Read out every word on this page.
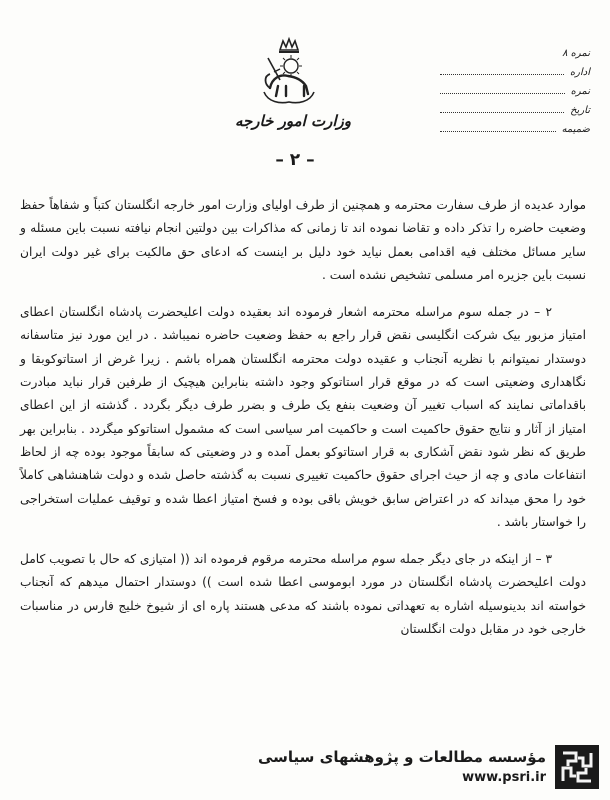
وزارت امور خارجه
نمره ۸
اداره
نمره
تاریخ
ضمیمه
– ۲ –

موارد عدیده از طرف سفارت محترمه و همچنین از طرف اولیای وزارت امور خارجه انگلستان کتباً و شفاهاً حفظ وضعیت حاضره را تذکر داده و تقاضا نموده اند تا زمانی که مذاکرات بین دولتین انجام نیافته نسبت باین مسئله و سایر مسائل مختلف فیه اقدامی بعمل نیاید خود دلیل بر اینست که ادعای حق مالکیت برای غیر دولت ایران نسبت باین جزیره امر مسلمی تشخیص نشده است .

۲ – در جمله سوم مراسله محترمه اشعار فرموده اند بعقیده دولت اعلیحضرت پادشاه انگلستان اعطای امتیاز مزبور بیک شرکت انگلیسی نقض قرار راجع به حفظ وضعیت حاضره نمیباشد . در این مورد نیز متاسفانه دوستدار نمیتوانم با نظریه آنجناب و عقیده دولت محترمه انگلستان همراه باشم . زیرا غرض از استاتوکوبقا و نگاهداری وضعیتی است که در موقع قرار استاتوکو وجود داشته بنابراین هیچیک از طرفین قرار نباید مبادرت باقداماتی نمایند که اسباب تغییر آن وضعیت بنفع یک طرف و بضرر طرف دیگر بگردد . گذشته از این اعطای امتیاز از آثار و نتایج حقوق حاکمیت است و حاکمیت امر سیاسی است که مشمول استاتوکو میگردد . بنابراین بهر طریق که نظر شود نقض آشکاری به قرار استاتوکو بعمل آمده و در وضعیتی که سابقاً موجود بوده چه از لحاظ انتفاعات مادی و چه از حیث اجرای حقوق حاکمیت تغییری نسبت به گذشته حاصل شده و دولت شاهنشاهی کاملاً خود را محق میداند که در اعتراض سابق خویش باقی بوده و فسخ امتیاز اعطا شده و توقیف عملیات استخراجی را خواستار باشد .

۳ – از اینکه در جای دیگر جمله سوم مراسله محترمه مرقوم فرموده اند (( امتیازی که حال با تصویب کامل دولت اعلیحضرت پادشاه انگلستان در مورد ابوموسی اعطا شده است )) دوستدار احتمال میدهم که آنجناب خواسته اند بدینوسیله اشاره به تعهداتی نموده باشند که مدعی هستند پاره ای از شیوخ خلیج فارس در مناسبات خارجی خود در مقابل دولت انگلستان

مؤسسه مطالعات و پژوهشهای سیاسی
www.psri.ir
